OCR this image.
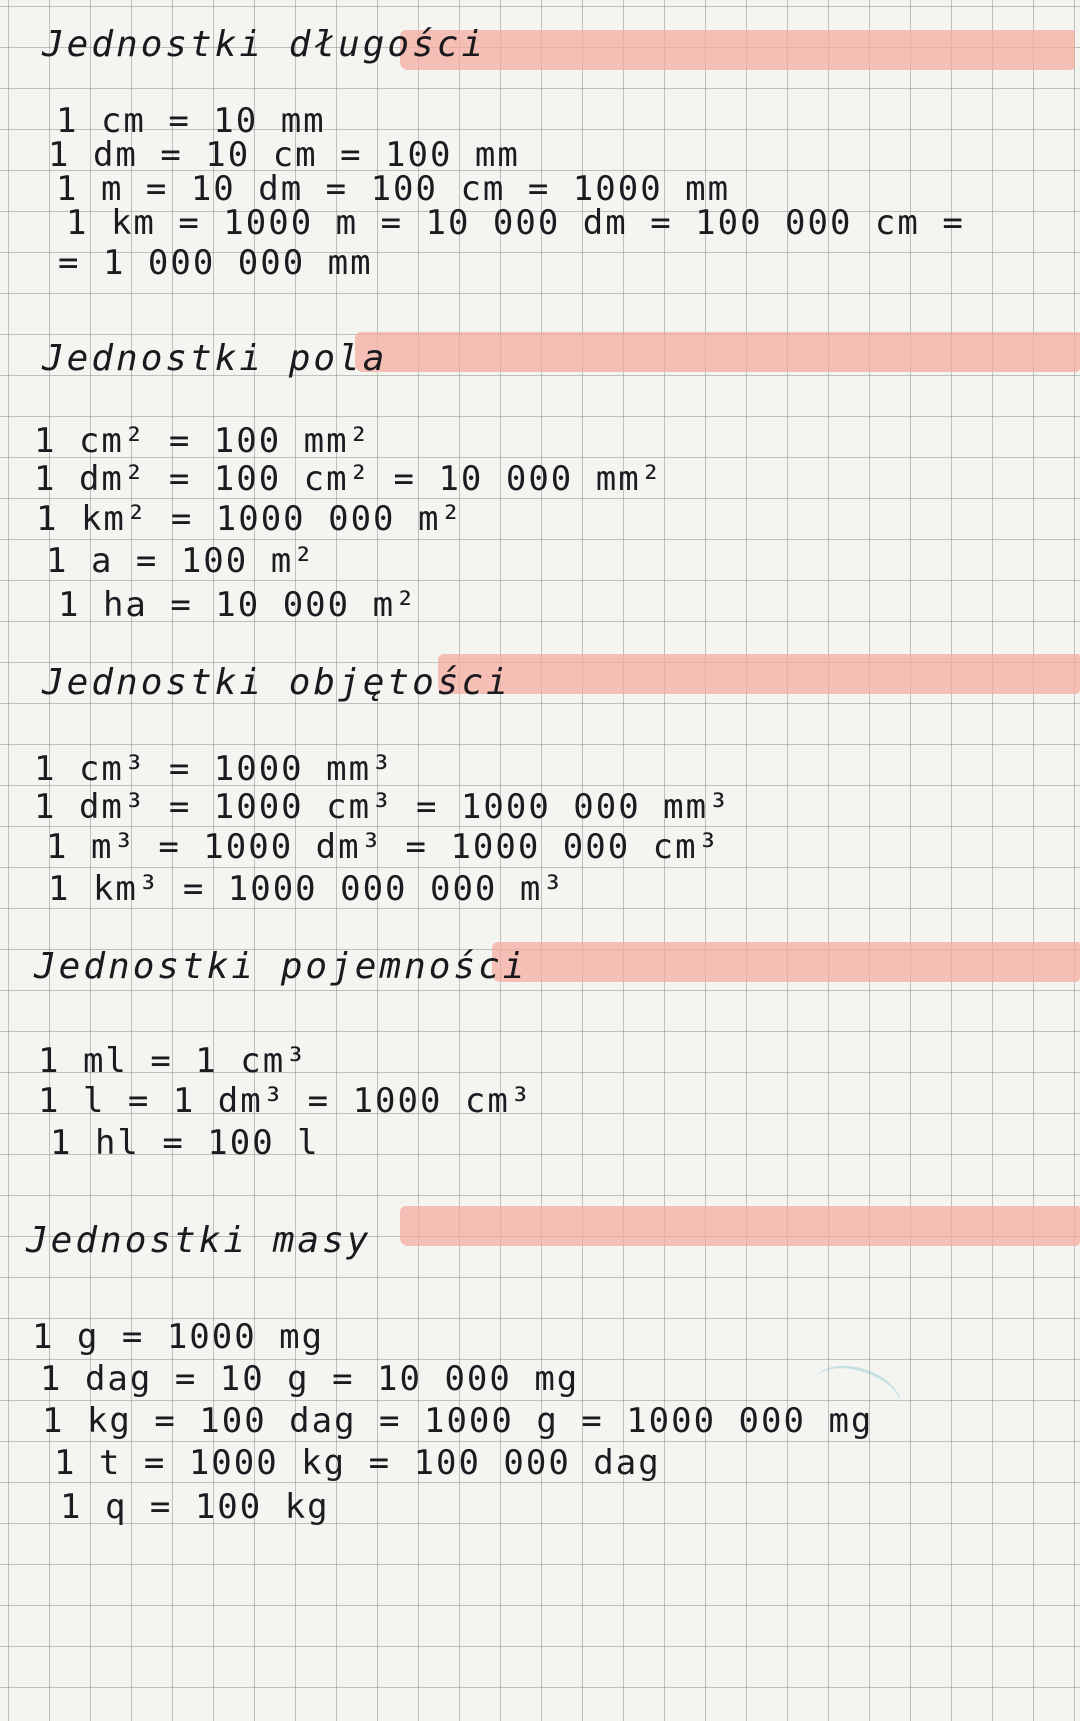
Jednostki długości
1 cm = 10 mm
1 dm = 10 cm = 100 mm
1 m = 10 dm = 100 cm = 1000 mm
1 km = 1000 m = 10 000 dm = 100 000 cm =
= 1 000 000 mm
Jednostki pola
1 cm² = 100 mm²
1 dm² = 100 cm² = 10 000 mm²
1 km² = 1000 000 m²
1 a = 100 m²
1 ha = 10 000 m²
Jednostki objętości
1 cm³ = 1000 mm³
1 dm³ = 1000 cm³ = 1000 000 mm³
1 m³ = 1000 dm³ = 1000 000 cm³
1 km³ = 1000 000 000 m³
Jednostki pojemności
1 ml = 1 cm³
1 l = 1 dm³ = 1000 cm³
1 hl = 100 l
Jednostki masy
1 g = 1000 mg
1 dag = 10 g = 10 000 mg
1 kg = 100 dag = 1000 g = 1000 000 mg
1 t = 1000 kg = 100 000 dag
1 q = 100 kg
